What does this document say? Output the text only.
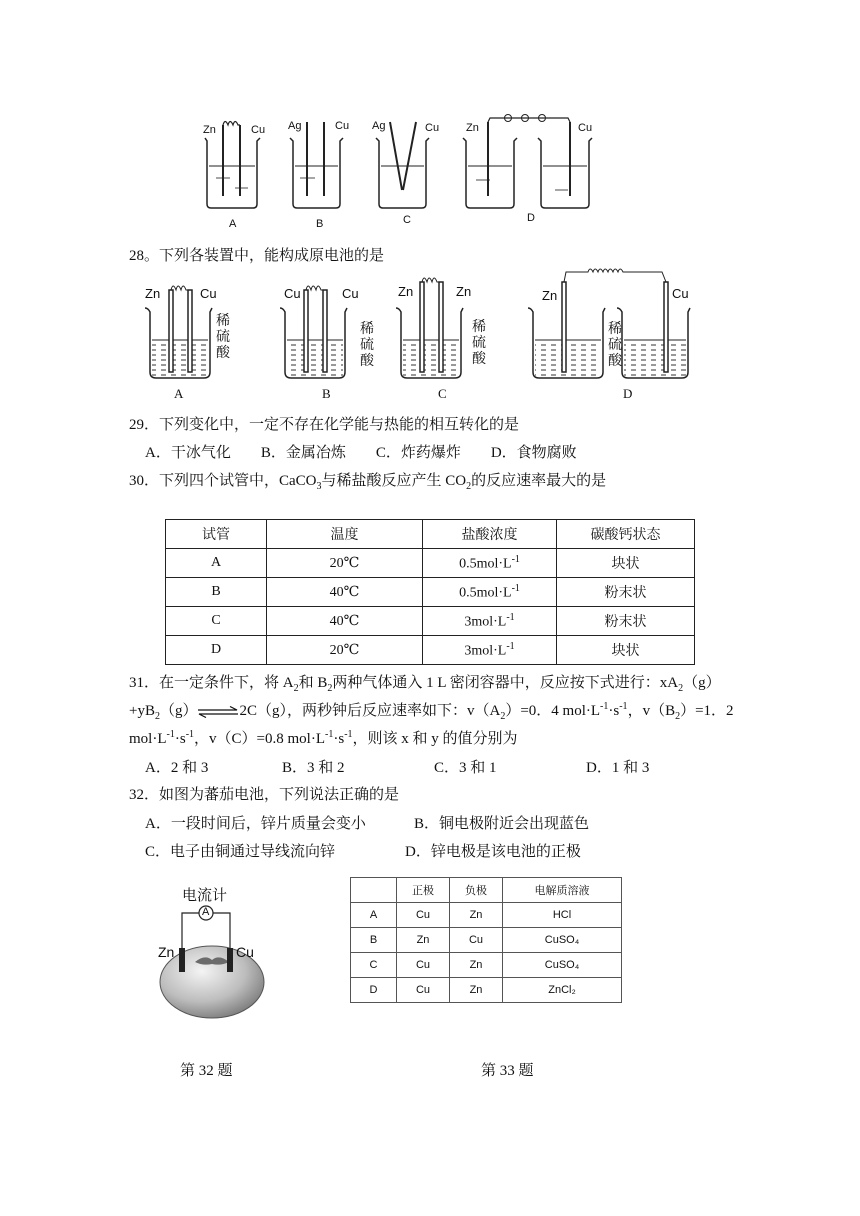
Zn	Cu Ag	Cu Ag	Cu Zn	Cu
A	B	C	D
28。下列各装置中，能构成原电池的是
Zn	Cu
稀硫酸
Cu	Cu
稀硫酸
Zn	Zn
稀硫酸
Zn	Cu
稀硫酸
A	B	C	D
29．下列变化中，一定不存在化学能与热能的相互转化的是
A．干冰气化　　B．金属冶炼　　C．炸药爆炸　　D．食物腐败
30．下列四个试管中，CaCO$_3$与稀盐酸反应产生 $CO_2$的反应速率最大的是
试管	温度	盐酸浓度	碳酸钙状态
A	20℃	$0.5mol\cdot L^{-1}$	块状
B	40℃	$0.5mol\cdot L^{-1}$	粉末状
C	40℃	$3mol\cdot L^{-1}$	粉末状
D	20℃	$3mol\cdot L^{-1}$	块状
31．在一定条件下，将 $A_2$和 $B_2$两种气体通入 1 L 密闭容器中，反应按下式进行：$xA_2(g)$
$+yB_2(g)\rightleftharpoons 2C(g)$，两秒钟后反应速率如下：$v(A_2)=0$．4 $mol\cdot L^{-1}\cdot s^{-1}$，$v(B_2)=1$．2
$mol\cdot L^{-1}\cdot s^{-1}$，v（C）=0.8 $mol\cdot L^{-1}\cdot s^{-1}$，则该 x 和 y 的值分别为
A．2 和 3	B．3 和 2	C．3 和 1	D．1 和 3
32．如图为蕃茄电池，下列说法正确的是
A．一段时间后，锌片质量会变小	B．铜电极附近会出现蓝色
C．电子由铜通过导线流向锌	D．锌电极是该电池的正极
电流计
A
Zn	Cu
	正极	负极	电解质溶液
A	Cu	Zn	HCl
B	Zn	Cu	CuSO₄
C	Cu	Zn	CuSO₄
D	Cu	Zn	ZnCl₂
第 32 题	第 33 题
